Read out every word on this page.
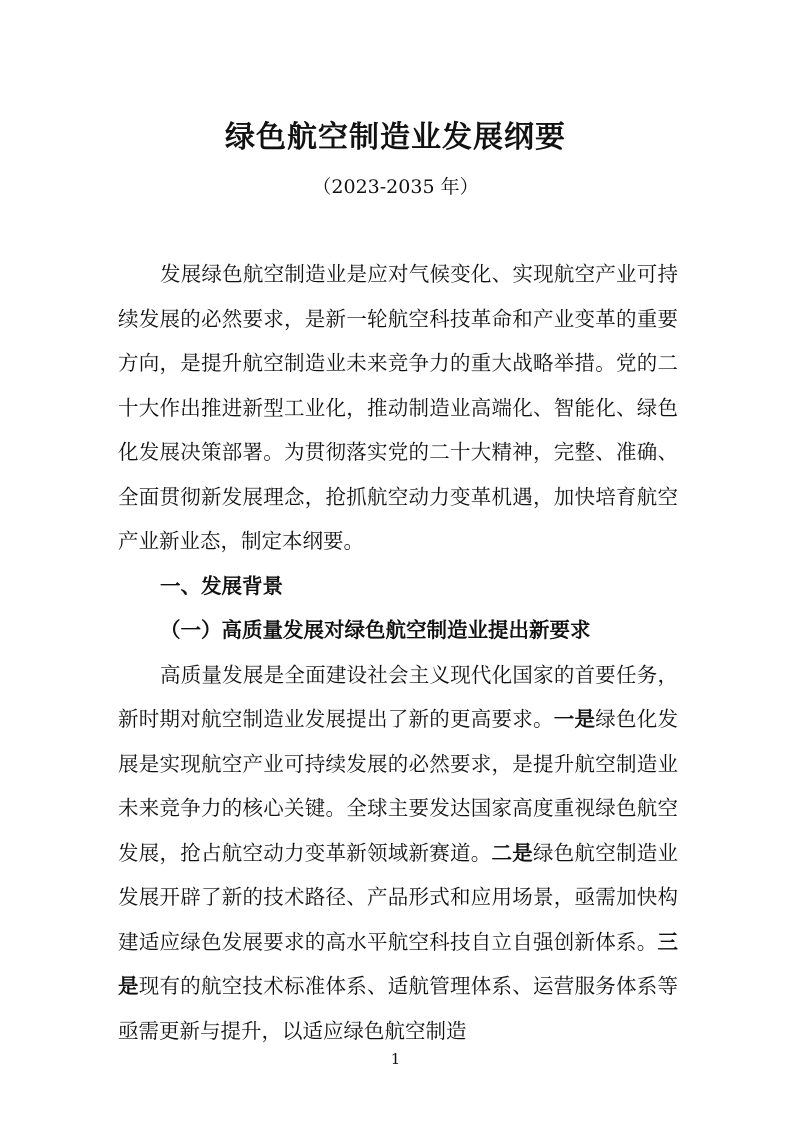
绿色航空制造业发展纲要
（2023-2035 年）

发展绿色航空制造业是应对气候变化、实现航空产业可持续发展的必然要求，是新一轮航空科技革命和产业变革的重要方向，是提升航空制造业未来竞争力的重大战略举措。党的二十大作出推进新型工业化，推动制造业高端化、智能化、绿色化发展决策部署。为贯彻落实党的二十大精神，完整、准确、全面贯彻新发展理念，抢抓航空动力变革机遇，加快培育航空产业新业态，制定本纲要。

一、发展背景

（一）高质量发展对绿色航空制造业提出新要求

高质量发展是全面建设社会主义现代化国家的首要任务，新时期对航空制造业发展提出了新的更高要求。一是绿色化发展是实现航空产业可持续发展的必然要求，是提升航空制造业未来竞争力的核心关键。全球主要发达国家高度重视绿色航空发展，抢占航空动力变革新领域新赛道。二是绿色航空制造业发展开辟了新的技术路径、产品形式和应用场景，亟需加快构建适应绿色发展要求的高水平航空科技自立自强创新体系。三是现有的航空技术标准体系、适航管理体系、运营服务体系等亟需更新与提升，以适应绿色航空制造

1
